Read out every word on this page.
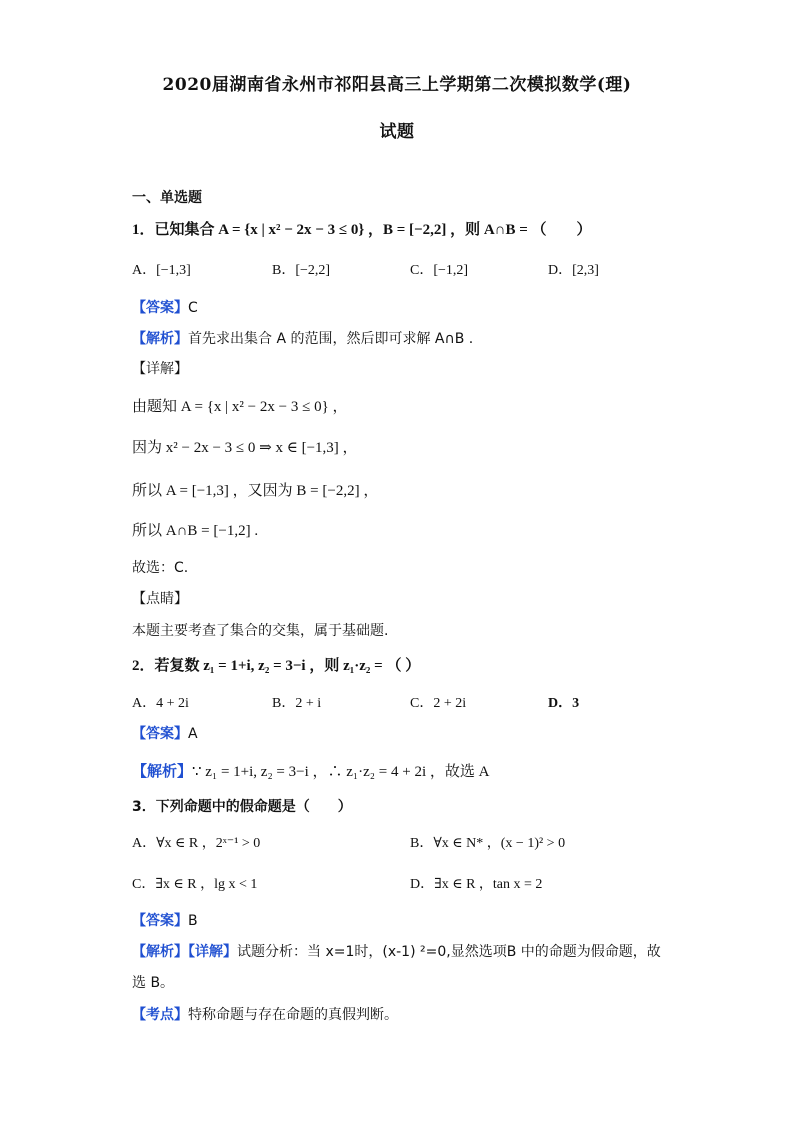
2020届湖南省永州市祁阳县高三上学期第二次模拟数学(理)
试题
一、单选题
1．已知集合 A = {x | x² − 2x − 3 ≤ 0} ，B = [−2,2] ，则 A∩B = （　　）
A．[−1,3]	B．[−2,2]	C．[−1,2]	D．[2,3]
【答案】C
【解析】首先求出集合 A 的范围，然后即可求解 A∩B .
【详解】
由题知 A = {x | x² − 2x − 3 ≤ 0} ，
因为 x² − 2x − 3 ≤ 0 ⇒ x ∈ [−1,3] ，
所以 A = [−1,3] ，又因为 B = [−2,2] ，
所以 A∩B = [−1,2] .
故选：C.
【点睛】
本题主要考查了集合的交集，属于基础题.
2．若复数 z₁ = 1+i, z₂ = 3−i ，则 z₁·z₂ = （ ）
A．4 + 2i	B．2 + i	C．2 + 2i	D．3
【答案】A
【解析】∵ z₁ = 1+i, z₂ = 3−i ，∴ z₁·z₂ = 4 + 2i ，故选 A
3．下列命题中的假命题是（　　）
A．∀x ∈ R ，2ˣ⁻¹ > 0	B．∀x ∈ N* ，(x − 1)² > 0
C．∃x ∈ R ，lg x < 1	D．∃x ∈ R ，tan x = 2
【答案】B
【解析】【详解】试题分析：当 x=1时，(x-1) ²=0,显然选项B 中的命题为假命题，故
选 B。
【考点】特称命题与存在命题的真假判断。
